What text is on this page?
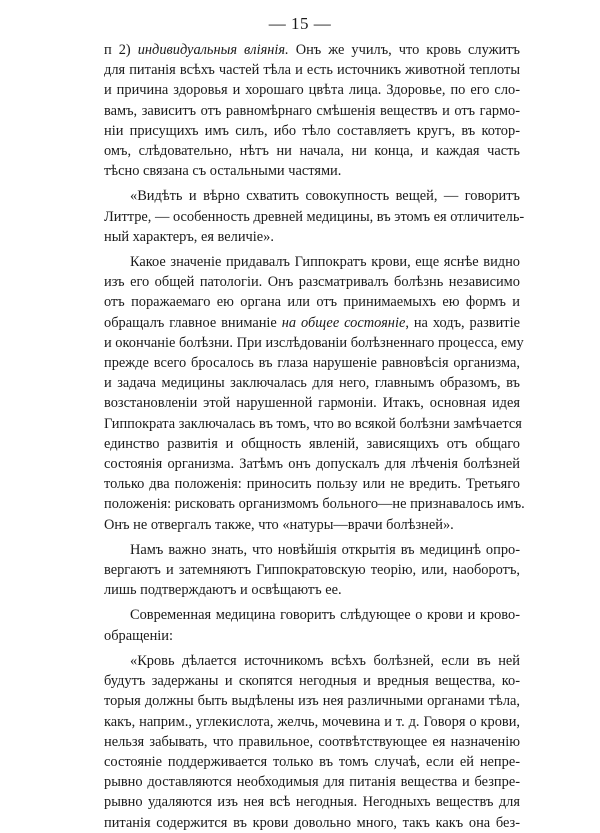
— 15 —
п 2) индивидуальныя вліянія. Онъ же училъ, что кровь служитъ
для питанія всѣхъ частей тѣла и есть источникъ животной теплоты
и причина здоровья и хорошаго цвѣта лица. Здоровье, по его сло-
вамъ, зависитъ отъ равномѣрнаго смѣшенія веществъ и отъ гармо-
ніи присущихъ имъ силъ, ибо тѣло составляетъ кругъ, въ котор-
омъ, слѣдовательно, нѣтъ ни начала, ни конца, и каждая часть
тѣсно связана съ остальными частями.
«Видѣть и вѣрно схватить совокупность вещей, — говоритъ
Литтре, — особенность древней медицины, въ этомъ ея отличитель-
ный характеръ, ея величіе».
Какое значеніе придавалъ Гиппократъ крови, еще яснѣе видно
изъ его общей патологіи. Онъ разсматривалъ болѣзнь независимо
отъ поражаемаго ею органа или отъ принимаемыхъ ею формъ и
обращалъ главное вниманіе на общее состояніе, на ходъ, развитіе
и окончаніе болѣзни. При изслѣдованіи болѣзненнаго процесса, ему
прежде всего бросалось въ глаза нарушеніе равновѣсія организма,
и задача медицины заключалась для него, главнымъ образомъ, въ
возстановленіи этой нарушенной гармоніи. Итакъ, основная идея
Гиппократа заключалась въ томъ, что во всякой болѣзни замѣчается
единство развитія и общность явленій, зависящихъ отъ общаго
состоянія организма. Затѣмъ онъ допускалъ для лѣченія болѣзней
только два положенія: приносить пользу или не вредить. Третьяго
положенія: рисковать организмомъ больного—не признавалось имъ.
Онъ не отвергалъ также, что «натуры—врачи болѣзней».
Намъ важно знать, что новѣйшія открытія въ медицинѣ опро-
вергаютъ и затемняютъ Гиппократовскую теорію, или, наоборотъ,
лишь подтверждаютъ и освѣщаютъ ее.
Современная медицина говоритъ слѣдующее о крови и крово-
обращеніи:
«Кровь дѣлается источникомъ всѣхъ болѣзней, если въ ней
будутъ задержаны и скопятся негодныя и вредныя вещества, ко-
торыя должны быть выдѣлены изъ нея различными органами тѣла,
какъ, наприм., углекислота, желчь, мочевина и т. д. Говоря о крови,
нельзя забывать, что правильное, соотвѣтствующее ея назначенію
состояніе поддерживается только въ томъ случаѣ, если ей непре-
рывно доставляются необходимыя для питанія вещества и безпре-
рывно удаляются изъ нея всѣ негодныя. Негодныхъ веществъ для
питанія содержится въ крови довольно много, такъ какъ она без-
